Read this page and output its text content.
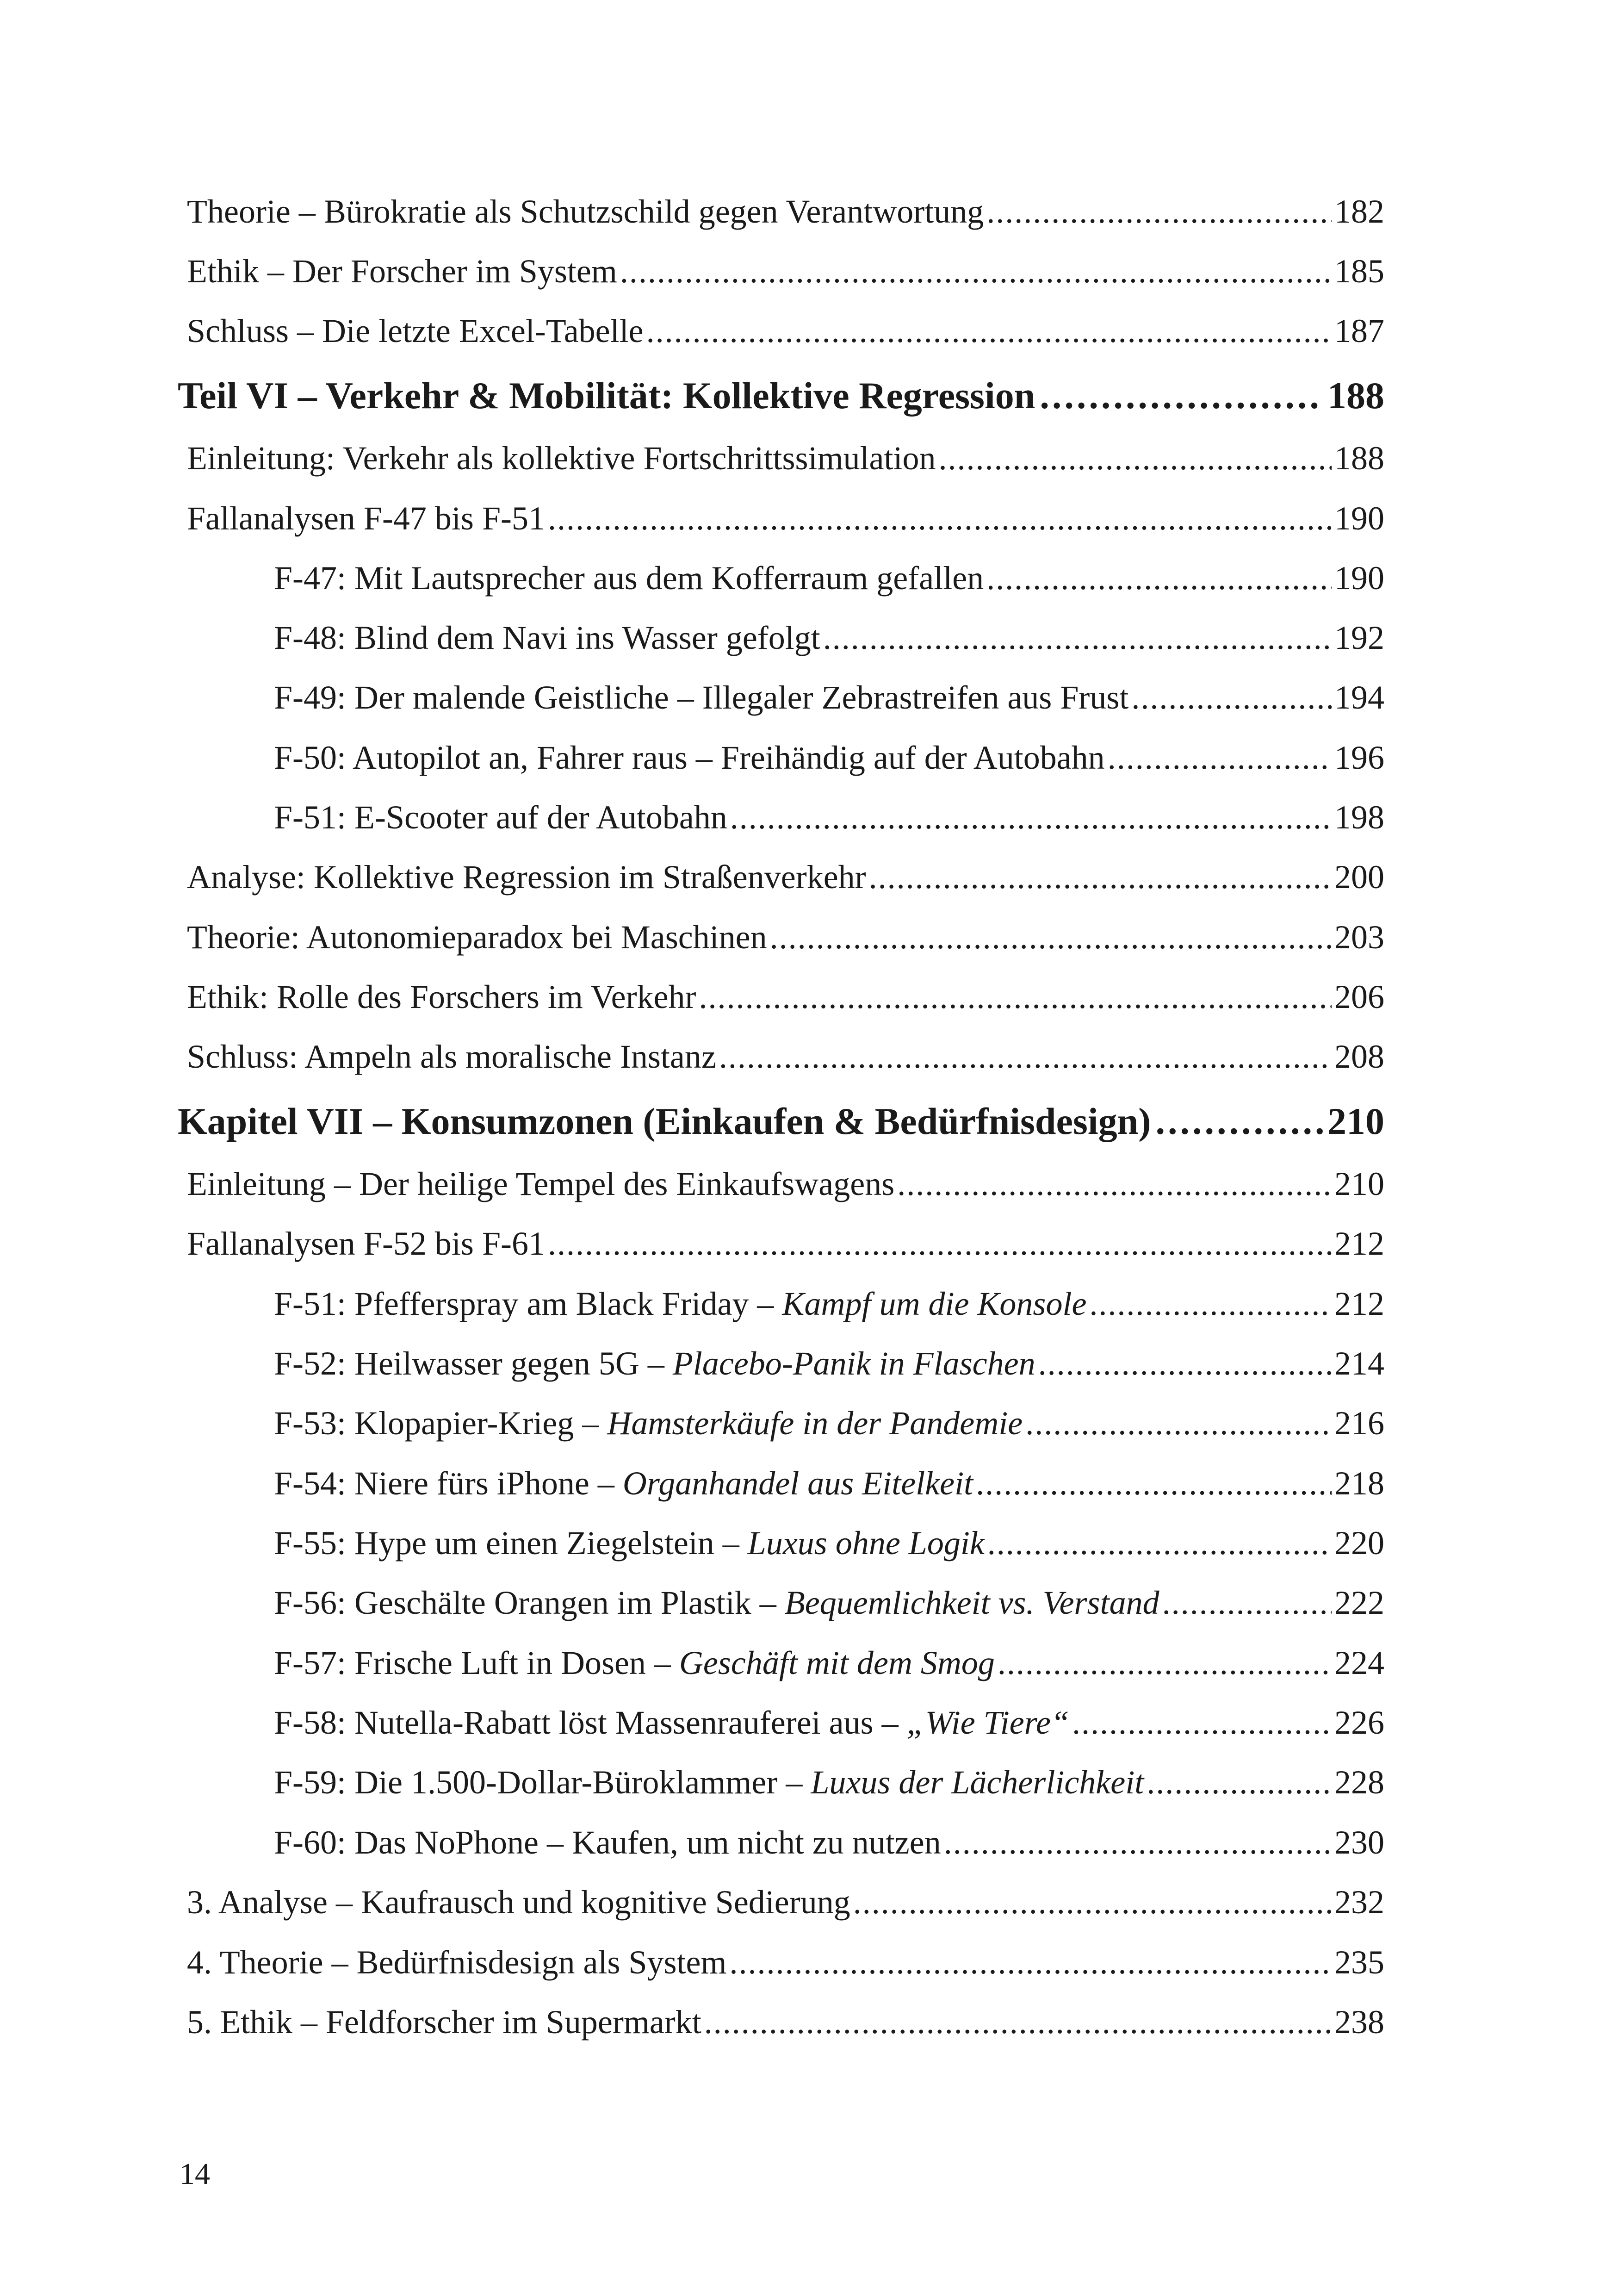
Theorie – Bürokratie als Schutzschild gegen Verantwortung .....	182
Ethik – Der Forscher im System .....	185
Schluss – Die letzte Excel-Tabelle .....	187
Teil VI – Verkehr & Mobilität: Kollektive Regression .....	188
Einleitung: Verkehr als kollektive Fortschrittssimulation .....	188
Fallanalysen F-47 bis F-51 .....	190
F-47: Mit Lautsprecher aus dem Kofferraum gefallen .....	190
F-48: Blind dem Navi ins Wasser gefolgt .....	192
F-49: Der malende Geistliche – Illegaler Zebrastreifen aus Frust .....	194
F-50: Autopilot an, Fahrer raus – Freihändig auf der Autobahn .....	196
F-51: E-Scooter auf der Autobahn .....	198
Analyse: Kollektive Regression im Straßenverkehr .....	200
Theorie: Autonomieparadox bei Maschinen .....	203
Ethik: Rolle des Forschers im Verkehr .....	206
Schluss: Ampeln als moralische Instanz .....	208
Kapitel VII – Konsumzonen (Einkaufen & Bedürfnisdesign) .....	210
Einleitung – Der heilige Tempel des Einkaufswagens .....	210
Fallanalysen F-52 bis F-61 .....	212
F-51: Pfefferspray am Black Friday – Kampf um die Konsole .....	212
F-52: Heilwasser gegen 5G – Placebo-Panik in Flaschen .....	214
F-53: Klopapier-Krieg – Hamsterkäufe in der Pandemie .....	216
F-54: Niere fürs iPhone – Organhandel aus Eitelkeit .....	218
F-55: Hype um einen Ziegelstein – Luxus ohne Logik .....	220
F-56: Geschälte Orangen im Plastik – Bequemlichkeit vs. Verstand .....	222
F-57: Frische Luft in Dosen – Geschäft mit dem Smog .....	224
F-58: Nutella-Rabatt löst Massenrauferei aus – „Wie Tiere“ .....	226
F-59: Die 1.500-Dollar-Büroklammer – Luxus der Lächerlichkeit .....	228
F-60: Das NoPhone – Kaufen, um nicht zu nutzen .....	230
3. Analyse – Kaufrausch und kognitive Sedierung .....	232
4. Theorie – Bedürfnisdesign als System .....	235
5. Ethik – Feldforscher im Supermarkt .....	238
14
